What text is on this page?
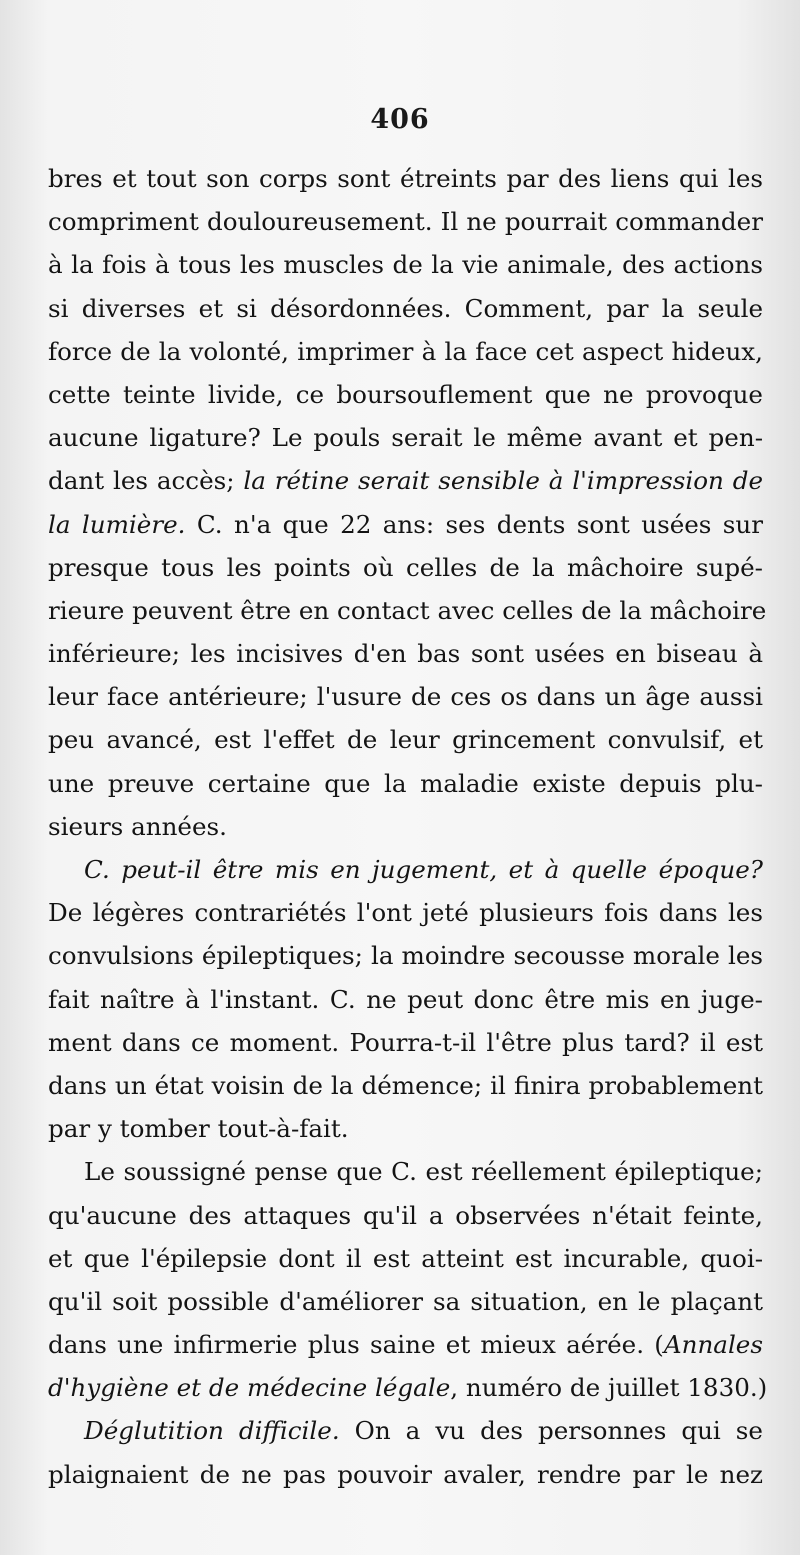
406
bres et tout son corps sont étreints par des liens qui les
compriment douloureusement. Il ne pourrait commander
à la fois à tous les muscles de la vie animale, des actions
si diverses et si désordonnées. Comment, par la seule
force de la volonté, imprimer à la face cet aspect hideux,
cette teinte livide, ce boursouflement que ne provoque
aucune ligature? Le pouls serait le même avant et pen-
dant les accès; la rétine serait sensible à l'impression de
la lumière. C. n'a que 22 ans: ses dents sont usées sur
presque tous les points où celles de la mâchoire supé-
rieure peuvent être en contact avec celles de la mâchoire
inférieure; les incisives d'en bas sont usées en biseau à
leur face antérieure; l'usure de ces os dans un âge aussi
peu avancé, est l'effet de leur grincement convulsif, et
une preuve certaine que la maladie existe depuis plu-
sieurs années.
C. peut-il être mis en jugement, et à quelle époque?
De légères contrariétés l'ont jeté plusieurs fois dans les
convulsions épileptiques; la moindre secousse morale les
fait naître à l'instant. C. ne peut donc être mis en juge-
ment dans ce moment. Pourra-t-il l'être plus tard? il est
dans un état voisin de la démence; il finira probablement
par y tomber tout-à-fait.
Le soussigné pense que C. est réellement épileptique;
qu'aucune des attaques qu'il a observées n'était feinte,
et que l'épilepsie dont il est atteint est incurable, quoi-
qu'il soit possible d'améliorer sa situation, en le plaçant
dans une infirmerie plus saine et mieux aérée. (Annales
d'hygiène et de médecine légale, numéro de juillet 1830.)
Déglutition difficile. On a vu des personnes qui se
plaignaient de ne pas pouvoir avaler, rendre par le nez
